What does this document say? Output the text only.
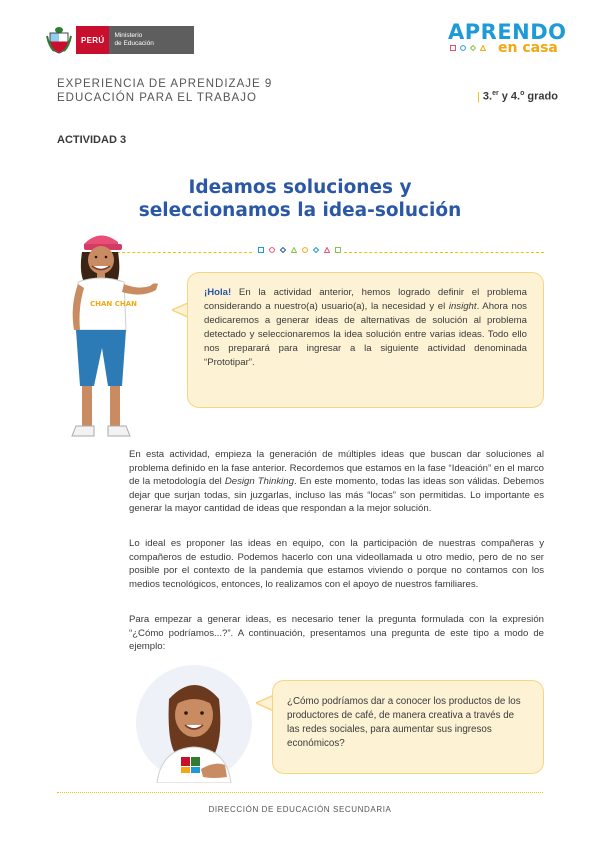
PERÚ	Ministerio
de Educación	APRENDO
en casa
EXPERIENCIA DE APRENDIZAJE 9
EDUCACIÓN PARA EL TRABAJO	| 3.$^{er}$ y 4.$^o$ grado
ACTIVIDAD 3
Ideamos soluciones y
seleccionamos la idea-solución
CHAN CHAN
¡Hola! En la actividad anterior, hemos logrado definir el problema considerando a nuestro(a) usuario(a), la necesidad y el insight. Ahora nos dedicaremos a generar ideas de alternativas de solución al problema detectado y seleccionaremos la idea solución entre varias ideas. Todo ello nos preparará para ingresar a la siguiente actividad denominada “Prototipar”.
En esta actividad, empieza la generación de múltiples ideas que buscan dar soluciones al problema definido en la fase anterior. Recordemos que estamos en la fase “Ideación” en el marco de la metodología del Design Thinking. En este momento, todas las ideas son válidas. Debemos dejar que surjan todas, sin juzgarlas, incluso las más “locas” son permitidas. Lo importante es generar la mayor cantidad de ideas que respondan a la mejor solución.
Lo ideal es proponer las ideas en equipo, con la participación de nuestras compañeras y compañeros de estudio. Podemos hacerlo con una videollamada u otro medio, pero de no ser posible por el contexto de la pandemia que estamos viviendo o porque no contamos con los medios tecnológicos, entonces, lo realizamos con el apoyo de nuestros familiares.
Para empezar a generar ideas, es necesario tener la pregunta formulada con la expresión “¿Cómo podríamos...?”. A continuación, presentamos una pregunta de este tipo a modo de ejemplo:
¿Cómo podríamos dar a conocer los productos de los productores de café, de manera creativa a través de las redes sociales, para aumentar sus ingresos económicos?
DIRECCIÓN DE EDUCACIÓN SECUNDARIA
